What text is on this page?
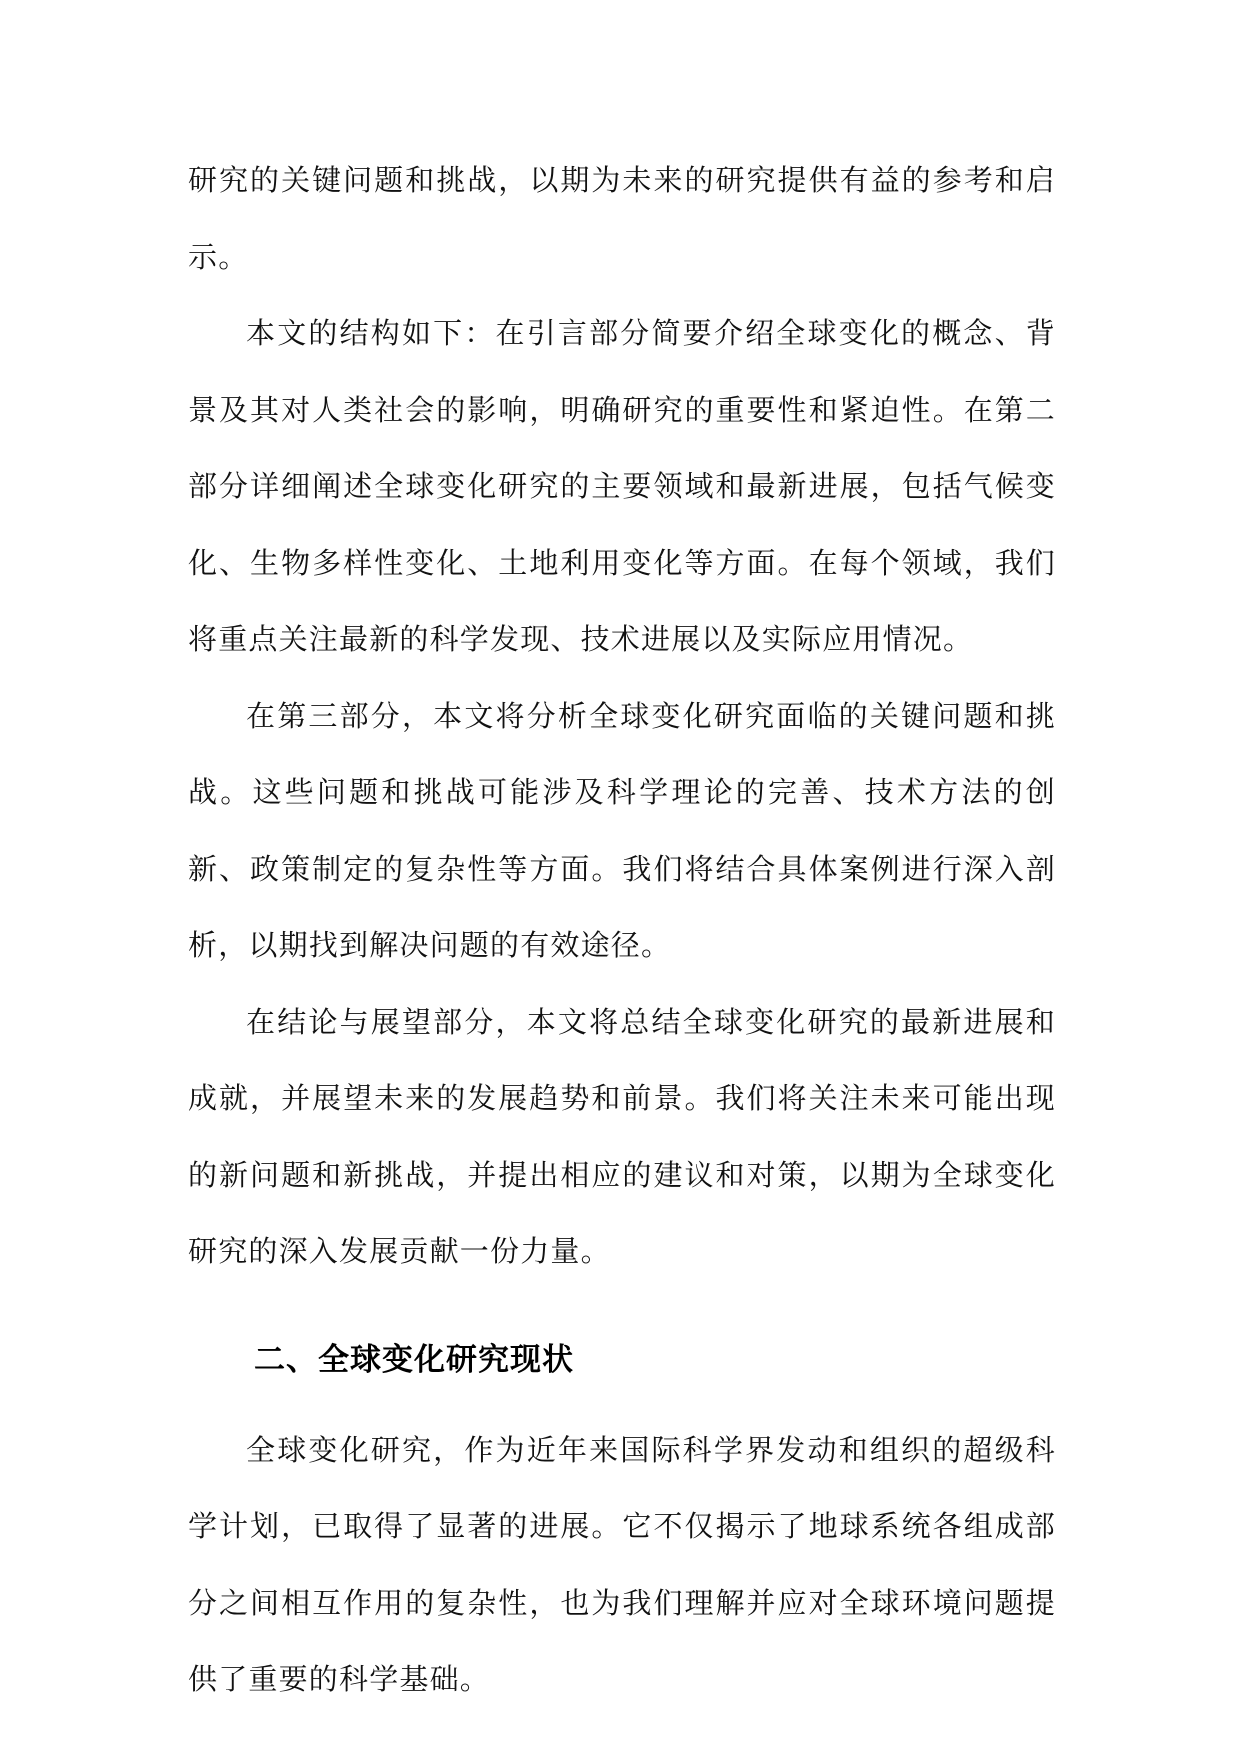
研究的关键问题和挑战，以期为未来的研究提供有益的参考和启示。

本文的结构如下：在引言部分简要介绍全球变化的概念、背景及其对人类社会的影响，明确研究的重要性和紧迫性。在第二部分详细阐述全球变化研究的主要领域和最新进展，包括气候变化、生物多样性变化、土地利用变化等方面。在每个领域，我们将重点关注最新的科学发现、技术进展以及实际应用情况。

在第三部分，本文将分析全球变化研究面临的关键问题和挑战。这些问题和挑战可能涉及科学理论的完善、技术方法的创新、政策制定的复杂性等方面。我们将结合具体案例进行深入剖析，以期找到解决问题的有效途径。

在结论与展望部分，本文将总结全球变化研究的最新进展和成就，并展望未来的发展趋势和前景。我们将关注未来可能出现的新问题和新挑战，并提出相应的建议和对策，以期为全球变化研究的深入发展贡献一份力量。

二、全球变化研究现状

全球变化研究，作为近年来国际科学界发动和组织的超级科学计划，已取得了显著的进展。它不仅揭示了地球系统各组成部分之间相互作用的复杂性，也为我们理解并应对全球环境问题提供了重要的科学基础。
